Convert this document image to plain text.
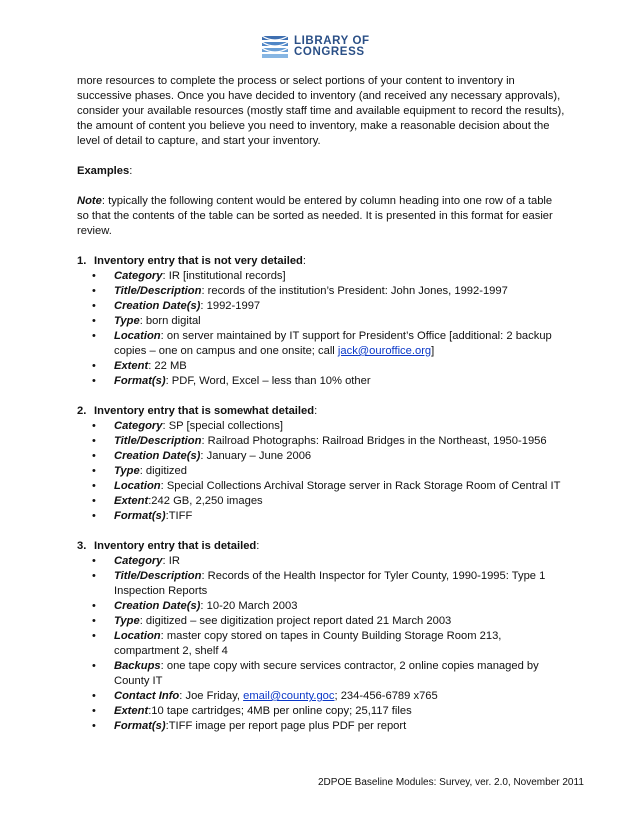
LIBRARY OF
CONGRESS

more resources to complete the process or select portions of your content to inventory in successive phases. Once you have decided to inventory (and received any necessary approvals), consider your available resources (mostly staff time and available equipment to record the results), the amount of content you believe you need to inventory, make a reasonable decision about the level of detail to capture, and start your inventory.

Examples:

Note: typically the following content would be entered by column heading into one row of a table so that the contents of the table can be sorted as needed. It is presented in this format for easier review.

1. Inventory entry that is not very detailed:
• Category: IR [institutional records]
• Title/Description: records of the institution’s President: John Jones, 1992-1997
• Creation Date(s): 1992-1997
• Type: born digital
• Location: on server maintained by IT support for President’s Office [additional: 2 backup copies – one on campus and one onsite; call jack@ouroffice.org]
• Extent: 22 MB
• Format(s): PDF, Word, Excel – less than 10% other
2. Inventory entry that is somewhat detailed:
• Category: SP [special collections]
• Title/Description: Railroad Photographs: Railroad Bridges in the Northeast, 1950-1956
• Creation Date(s): January – June 2006
• Type: digitized
• Location: Special Collections Archival Storage server in Rack Storage Room of Central IT
• Extent:242 GB, 2,250 images
• Format(s):TIFF
3. Inventory entry that is detailed:
• Category: IR
• Title/Description: Records of the Health Inspector for Tyler County, 1990-1995: Type 1 Inspection Reports
• Creation Date(s): 10-20 March 2003
• Type: digitized – see digitization project report dated 21 March 2003
• Location: master copy stored on tapes in County Building Storage Room 213, compartment 2, shelf 4
• Backups: one tape copy with secure services contractor, 2 online copies managed by County IT
• Contact Info: Joe Friday, email@county.goc; 234-456-6789 x765
• Extent:10 tape cartridges; 4MB per online copy; 25,117 files
• Format(s):TIFF image per report page plus PDF per report
2DPOE Baseline Modules: Survey, ver. 2.0, November 2011
